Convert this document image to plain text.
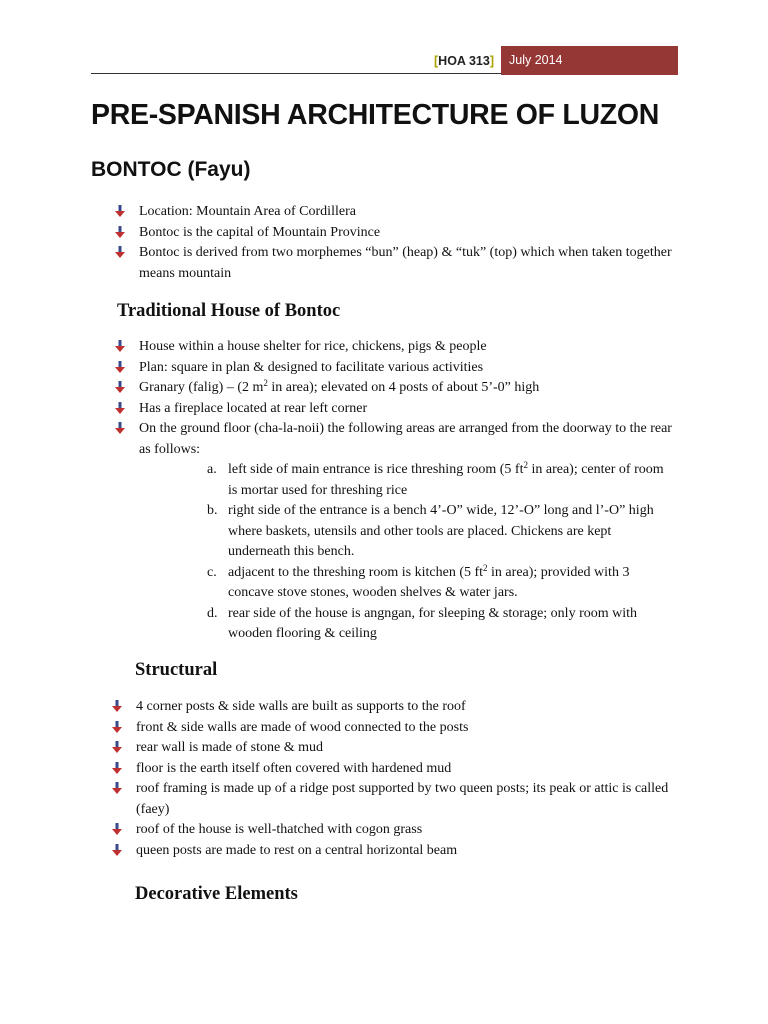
[HOA 313]	July 2014
PRE-SPANISH ARCHITECTURE OF LUZON
BONTOC (Fayu)
Location: Mountain Area of Cordillera
Bontoc is the capital of Mountain Province
Bontoc is derived from two morphemes “bun” (heap) & “tuk” (top) which when taken together means mountain
Traditional House of Bontoc
House within a house shelter for rice, chickens, pigs & people
Plan: square in plan & designed to facilitate various activities
Granary (falig) – (2 $m^2$ in area); elevated on 4 posts of about 5’-0” high
Has a fireplace located at rear left corner
On the ground floor (cha-la-noii) the following areas are arranged from the doorway to the rear as follows:
a. left side of main entrance is rice threshing room (5 $ft^2$ in area); center of room is mortar used for threshing rice
b. right side of the entrance is a bench 4’-O” wide, 12’-O” long and l’-O” high where baskets, utensils and other tools are placed. Chickens are kept underneath this bench.
c. adjacent to the threshing room is kitchen (5 $ft^2$ in area); provided with 3 concave stove stones, wooden shelves & water jars.
d. rear side of the house is angngan, for sleeping & storage; only room with wooden flooring & ceiling
Structural
4 corner posts & side walls are built as supports to the roof
front & side walls are made of wood connected to the posts
rear wall is made of stone & mud
floor is the earth itself often covered with hardened mud
roof framing is made up of a ridge post supported by two queen posts; its peak or attic is called (faey)
roof of the house is well-thatched with cogon grass
queen posts are made to rest on a central horizontal beam
Decorative Elements
